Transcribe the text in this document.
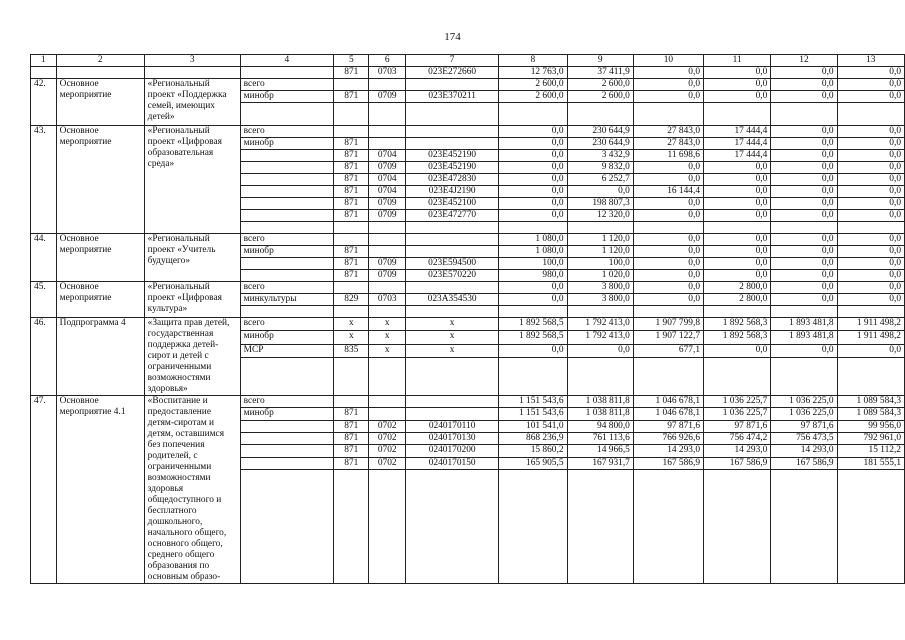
174
1	2	3	4	5	6	7	8	9	10	11	12	13
				871	0703	023E272660	12 763,0	37 411,9	0,0	0,0	0,0	0,0
42.	Основное мероприятие	«Региональный проект «Поддержка семей, имеющих детей»	всего				2 600,0	2 600,0	0,0	0,0	0,0	0,0
			минобр	871	0709	023E370211	2 600,0	2 600,0	0,0	0,0	0,0	0,0

43.	Основное мероприятие	«Региональный проект «Цифровая образовательная среда»	всего				0,0	230 644,9	27 843,0	17 444,4	0,0	0,0
			минобр	871			0,0	230 644,9	27 843,0	17 444,4	0,0	0,0
				871	0704	023E452190	0,0	3 432,9	11 698,6	17 444,4	0,0	0,0
				871	0709	023E452190	0,0	9 832,0	0,0	0,0	0,0	0,0
				871	0704	023E472830	0,0	6 252,7	0,0	0,0	0,0	0,0
				871	0704	023E4J2190	0,0	0,0	16 144,4	0,0	0,0	0,0
				871	0709	023E452100	0,0	198 807,3	0,0	0,0	0,0	0,0
				871	0709	023E472770	0,0	12 320,0	0,0	0,0	0,0	0,0

44.	Основное мероприятие	«Региональный проект «Учитель будущего»	всего				1 080,0	1 120,0	0,0	0,0	0,0	0,0
			минобр	871			1 080,0	1 120,0	0,0	0,0	0,0	0,0
				871	0709	023E594500	100,0	100,0	0,0	0,0	0,0	0,0
				871	0709	023E570220	980,0	1 020,0	0,0	0,0	0,0	0,0
45.	Основное мероприятие	«Региональный проект «Цифровая культура»	всего				0,0	3 800,0	0,0	2 800,0	0,0	0,0
			минкультуры	829	0703	023A354530	0,0	3 800,0	0,0	2 800,0	0,0	0,0

46.	Подпрограмма 4	«Защита прав детей, государственная поддержка детей-сирот и детей с ограниченными возможностями здоровья»	всего	x	x	x	1 892 568,5	1 792 413,0	1 907 799,8	1 892 568,3	1 893 481,8	1 911 498,2
			минобр	x	x	x	1 892 568,5	1 792 413,0	1 907 122,7	1 892 568,3	1 893 481,8	1 911 498,2
			МСР	835	x	x	0,0	0,0	677,1	0,0	0,0	0,0

47.	Основное мероприятие 4.1	«Воспитание и предоставление детям-сиротам и детям, оставшимся без попечения родителей, с ограниченными возможностями здоровья общедоступного и бесплатного дошкольного, начального общего, основного общего, среднего общего образования по основным образо-	всего				1 151 543,6	1 038 811,8	1 046 678,1	1 036 225,7	1 036 225,0	1 089 584,3
			минобр	871			1 151 543,6	1 038 811,8	1 046 678,1	1 036 225,7	1 036 225,0	1 089 584,3
				871	0702	0240170110	101 541,0	94 800,0	97 871,6	97 871,6	97 871,6	99 956,0
				871	0702	0240170130	868 236,9	761 113,6	766 926,6	756 474,2	756 473,5	792 961,0
				871	0702	0240170200	15 860,2	14 966,5	14 293,0	14 293,0	14 293,0	15 112,2
				871	0702	0240170150	165 905,5	167 931,7	167 586,9	167 586,9	167 586,9	181 555,1
